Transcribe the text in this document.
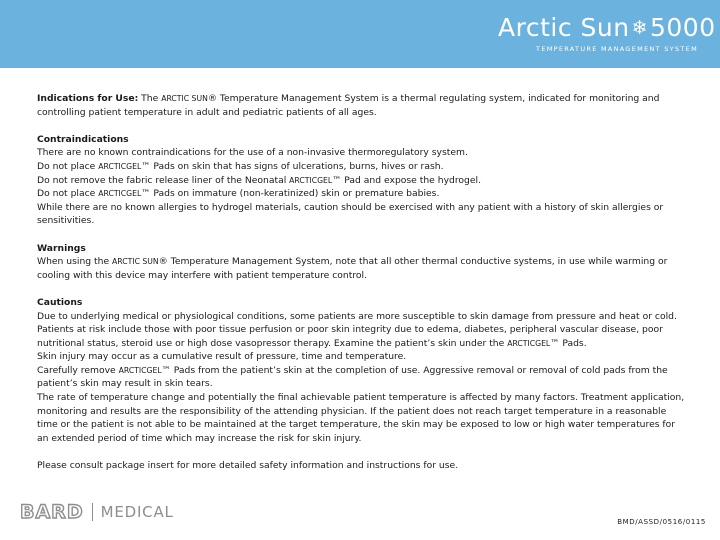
Arctic Sun ❄5000
TEMPERATURE MANAGEMENT SYSTEM

Indications for Use: The ARCTIC SUN® Temperature Management System is a thermal regulating system, indicated for monitoring and controlling patient temperature in adult and pediatric patients of all ages.

Contraindications

There are no known contraindications for the use of a non-invasive thermoregulatory system.

Do not place ARCTICGEL™ Pads on skin that has signs of ulcerations, burns, hives or rash.

Do not remove the fabric release liner of the Neonatal ARCTICGEL™ Pad and expose the hydrogel.

Do not place ARCTICGEL™ Pads on immature (non-keratinized) skin or premature babies.

While there are no known allergies to hydrogel materials, caution should be exercised with any patient with a history of skin allergies or sensitivities.

Warnings

When using the ARCTIC SUN® Temperature Management System, note that all other thermal conductive systems, in use while warming or cooling with this device may interfere with patient temperature control.

Cautions

Due to underlying medical or physiological conditions, some patients are more susceptible to skin damage from pressure and heat or cold. Patients at risk include those with poor tissue perfusion or poor skin integrity due to edema, diabetes, peripheral vascular disease, poor nutritional status, steroid use or high dose vasopressor therapy. Examine the patient’s skin under the ARCTICGEL™ Pads.

Skin injury may occur as a cumulative result of pressure, time and temperature.

Carefully remove ARCTICGEL™ Pads from the patient’s skin at the completion of use. Aggressive removal or removal of cold pads from the patient’s skin may result in skin tears.

The rate of temperature change and potentially the final achievable patient temperature is affected by many factors. Treatment application, monitoring and results are the responsibility of the attending physician. If the patient does not reach target temperature in a reasonable time or the patient is not able to be maintained at the target temperature, the skin may be exposed to low or high water temperatures for an extended period of time which may increase the risk for skin injury.

Please consult package insert for more detailed safety information and instructions for use.

BARD MEDICAL
BMD/ASSD/0516/0115
